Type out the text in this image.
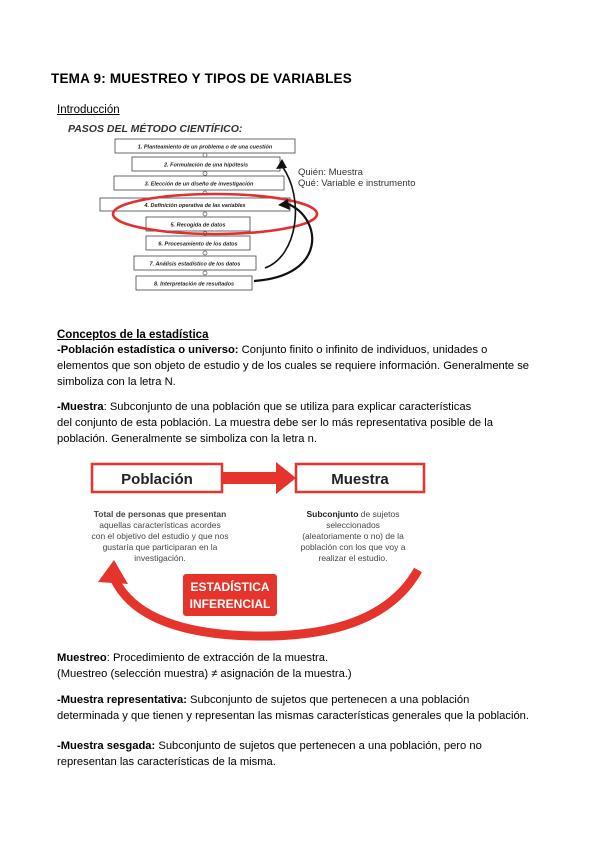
TEMA 9: MUESTREO Y TIPOS DE VARIABLES
Introducción
PASOS DEL MÉTODO CIENTÍFICO:
1. Planteamiento de un problema o de una cuestión
2. Formulación de una hipótesis
3. Elección de un diseño de investigación
4. Definición operativa de las variables
5. Recogida de datos
6. Procesamiento de los datos
7. Análisis estadístico de los datos
8. Interpretación de resultados
Quién: Muestra
Qué: Variable e instrumento
Conceptos de la estadística
-Población estadística o universo: Conjunto finito o infinito de individuos, unidades o
elementos que son objeto de estudio y de los cuales se requiere información. Generalmente se
simboliza con la letra N.
-Muestra: Subconjunto de una población que se utiliza para explicar características
del conjunto de esta población. La muestra debe ser lo más representativa posible de la
población. Generalmente se simboliza con la letra n.
Población	Muestra
Total de personas que presentan
aquellas características acordes
con el objetivo del estudio y que nos
gustaría que participaran en la
investigación.
Subconjunto de sujetos
seleccionados
(aleatoriamente o no) de la
población con los que voy a
realizar el estudio.
ESTADÍSTICA
INFERENCIAL
Muestreo: Procedimiento de extracción de la muestra.
(Muestreo (selección muestra) ≠ asignación de la muestra.)
-Muestra representativa: Subconjunto de sujetos que pertenecen a una población
determinada y que tienen y representan las mismas características generales que la población.
-Muestra sesgada: Subconjunto de sujetos que pertenecen a una población, pero no
representan las características de la misma.
